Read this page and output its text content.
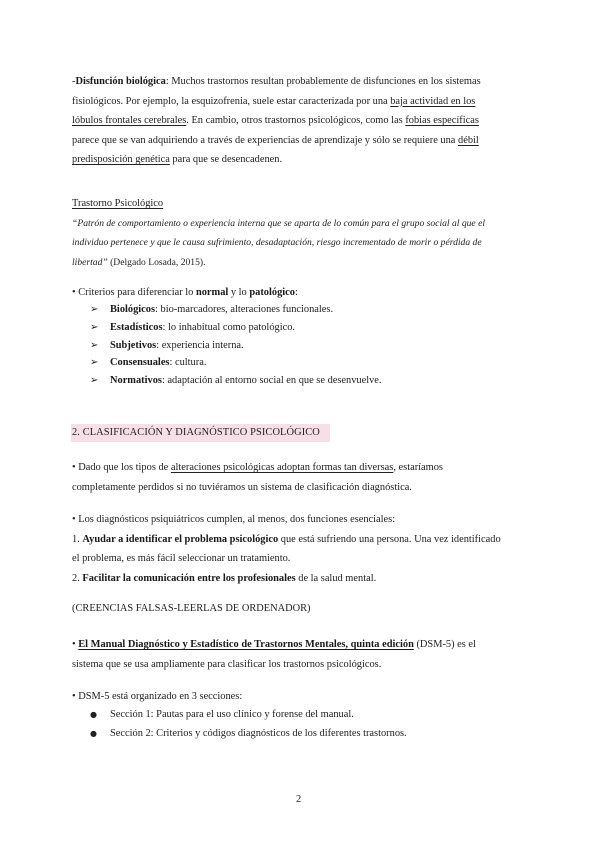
-Disfunción biológica: Muchos trastornos resultan probablemente de disfunciones en los sistemas
fisiológicos. Por ejemplo, la esquizofrenia, suele estar caracterizada por una baja actividad en los
lóbulos frontales cerebrales. En cambio, otros trastornos psicológicos, como las fobias específicas
parece que se van adquiriendo a través de experiencias de aprendizaje y sólo se requiere una débil
predisposición genética para que se desencadenen.
Trastorno Psicológico
“Patrón de comportamiento o experiencia interna que se aparta de lo común para el grupo social al que el
individuo pertenece y que le causa sufrimiento, desadaptación, riesgo incrementado de morir o pérdida de
libertad” (Delgado Losada, 2015).
• Criterios para diferenciar lo normal y lo patológico:
➢ Biológicos: bio-marcadores, alteraciones funcionales.
➢ Estadísticos: lo inhabitual como patológico.
➢ Subjetivos: experiencia interna.
➢ Consensuales: cultura.
➢ Normativos: adaptación al entorno social en que se desenvuelve.
2. CLASIFICACIÓN Y DIAGNÓSTICO PSICOLÓGICO
• Dado que los tipos de alteraciones psicológicas adoptan formas tan diversas, estaríamos
completamente perdidos si no tuviéramos un sistema de clasificación diagnóstica.
• Los diagnósticos psiquiátricos cumplen, al menos, dos funciones esenciales:
1. Ayudar a identificar el problema psicológico que está sufriendo una persona. Una vez identificado
el problema, es más fácil seleccionar un tratamiento.
2. Facilitar la comunicación entre los profesionales de la salud mental.
(CREENCIAS FALSAS-LEERLAS DE ORDENADOR)
• El Manual Diagnóstico y Estadístico de Trastornos Mentales, quinta edición (DSM-5) es el
sistema que se usa ampliamente para clasificar los trastornos psicológicos.
• DSM-5 está organizado en 3 secciones:
● Sección 1: Pautas para el uso clínico y forense del manual.
● Sección 2: Criterios y códigos diagnósticos de los diferentes trastornos.
2
